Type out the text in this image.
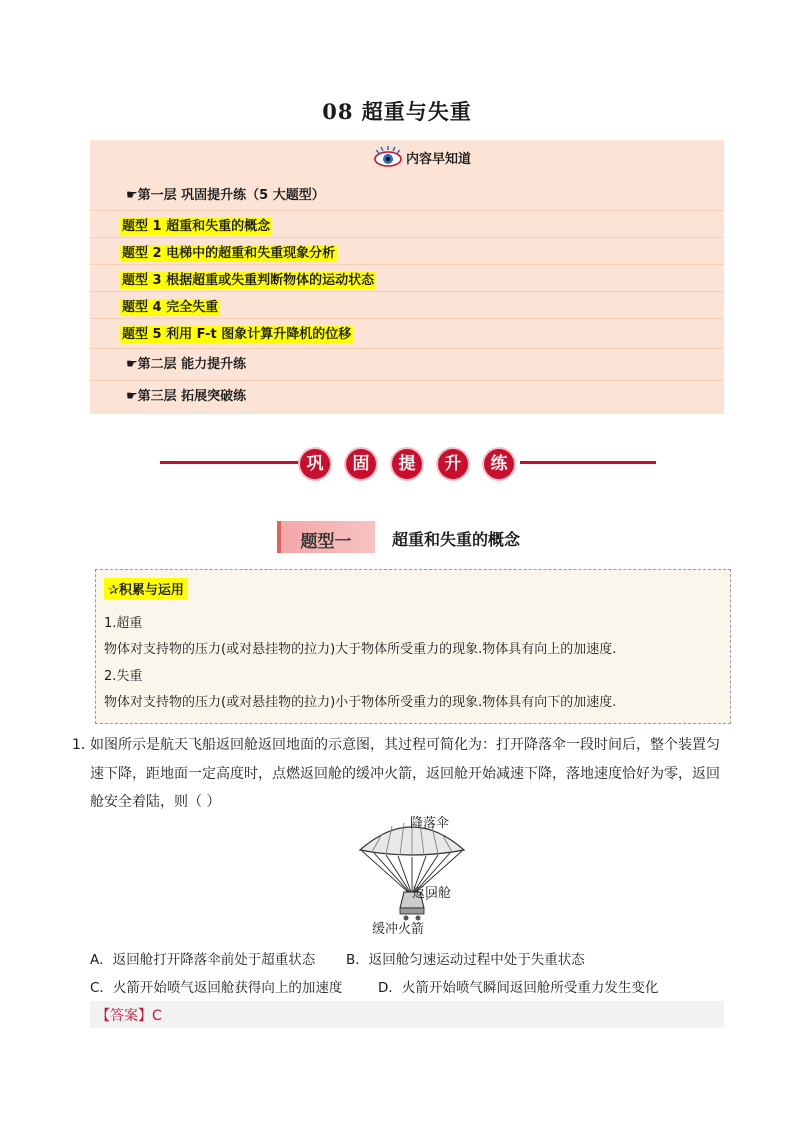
08 超重与失重
内容早知道
☛第一层 巩固提升练（5 大题型）
题型 1 超重和失重的概念
题型 2 电梯中的超重和失重现象分析
题型 3 根据超重或失重判断物体的运动状态
题型 4 完全失重
题型 5 利用 F-t 图象计算升降机的位移
☛第二层 能力提升练
☛第三层 拓展突破练
巩	固	提	升	练
题型一	超重和失重的概念
✰积累与运用
1.超重
物体对支持物的压力(或对悬挂物的拉力)大于物体所受重力的现象.物体具有向上的加速度.
2.失重
物体对支持物的压力(或对悬挂物的拉力)小于物体所受重力的现象.物体具有向下的加速度.
1．
如图所示是航天飞船返回舱返回地面的示意图，其过程可简化为：打开降落伞一段时间后，整个装置匀
速下降，距地面一定高度时，点燃返回舱的缓冲火箭，返回舱开始减速下降，落地速度恰好为零，返回
舱安全着陆，则（ ）
降落伞
返回舱
缓冲火箭
A．返回舱打开降落伞前处于超重状态 B．返回舱匀速运动过程中处于失重状态
C．火箭开始喷气返回舱获得向上的加速度	D．火箭开始喷气瞬间返回舱所受重力发生变化
【答案】C
